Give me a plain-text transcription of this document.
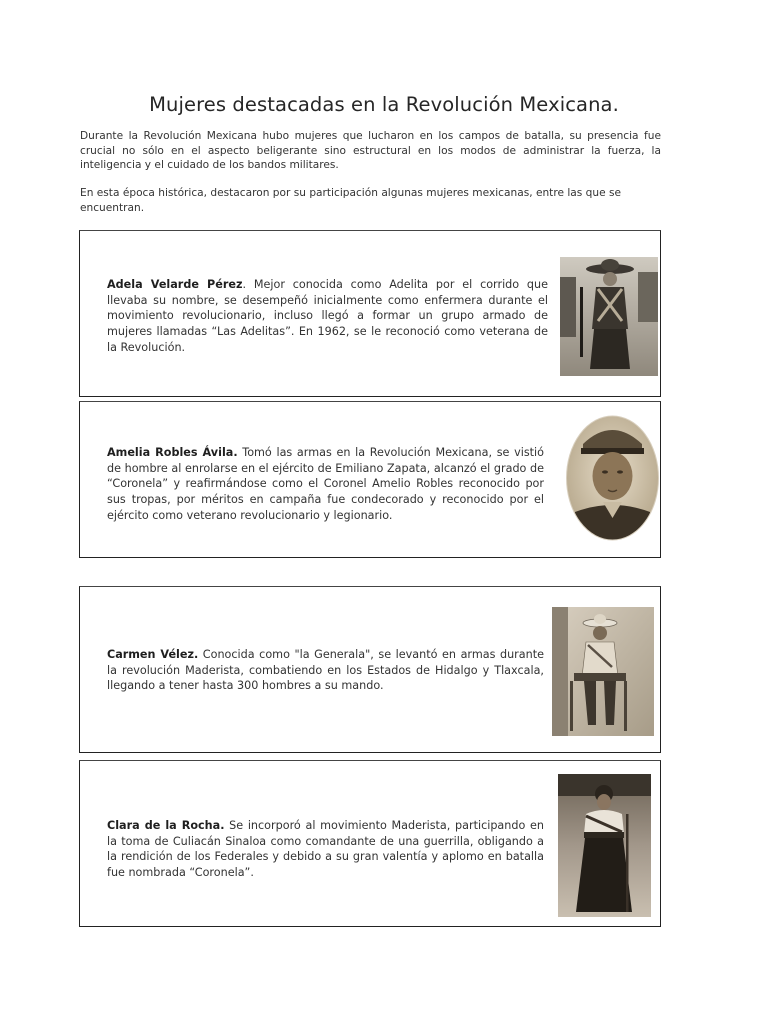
Mujeres destacadas en la Revolución Mexicana.

Durante la Revolución Mexicana hubo mujeres que lucharon en los campos de batalla, su presencia fue crucial no sólo en el aspecto beligerante sino estructural en los modos de administrar la fuerza, la inteligencia y el cuidado de los bandos militares.

En esta época histórica, destacaron por su participación algunas mujeres mexicanas, entre las que se encuentran.

Adela Velarde Pérez. Mejor conocida como Adelita por el corrido que llevaba su nombre, se desempeñó inicialmente como enfermera durante el movimiento revolucionario, incluso llegó a formar un grupo armado de mujeres llamadas “Las Adelitas”. En 1962, se le reconoció como veterana de la Revolución.

Amelia Robles Ávila. Tomó las armas en la Revolución Mexicana, se vistió de hombre al enrolarse en el ejército de Emiliano Zapata, alcanzó el grado de “Coronela” y reafirmándose como el Coronel Amelio Robles reconocido por sus tropas, por méritos en campaña fue condecorado y reconocido por el ejército como veterano revolucionario y legionario.

Carmen Vélez. Conocida como "la Generala", se levantó en armas durante la revolución Maderista, combatiendo en los Estados de Hidalgo y Tlaxcala, llegando a tener hasta 300 hombres a su mando.

Clara de la Rocha. Se incorporó al movimiento Maderista, participando en la toma de Culiacán Sinaloa como comandante de una guerrilla, obligando a la rendición de los Federales y debido a su gran valentía y aplomo en batalla fue nombrada “Coronela”.
